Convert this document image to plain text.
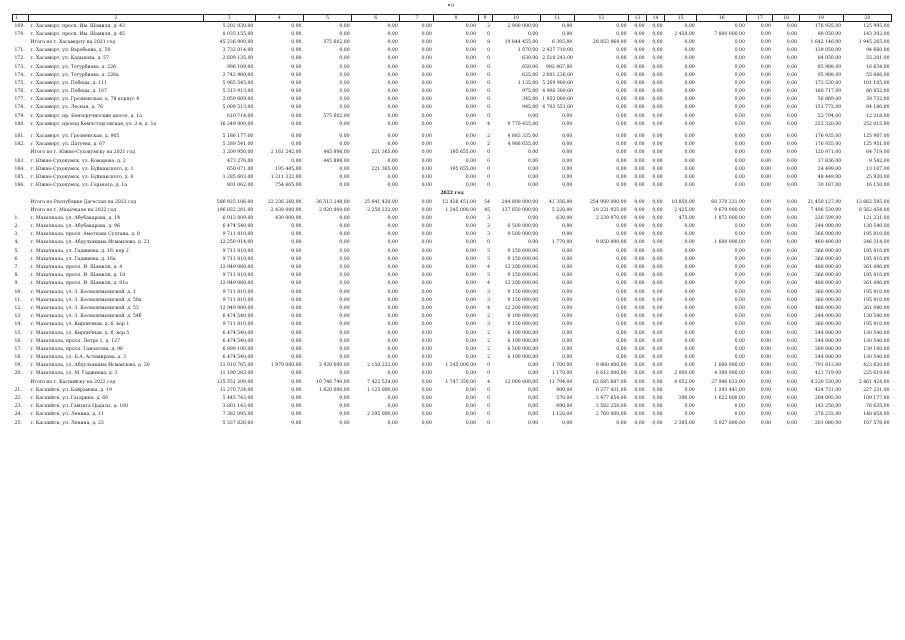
9
1	2	3	4	5	6	7	8	9	10	11	12	13	14	15	16	17	18	19	20
169.	г. Хасавюрт, просп. Им. Шамиля, д. 43	5 202 930,00	0,00	0,00	0,00	0,00	0,00	2	2 900 000,00	0,00	0,00	0,00	0,00	0,00	0,00	0,00	0,00	176 935,00	125 995,00
170.	г. Хасавюрт, просп. Им. Шамиля, д. 45	8 035 155,00	0,00	0,00	0,00	0,00	0,00	0	0,00	0,00	0,00	0,00	0,00	2 450,00	7 800 000,00	0,00	0,00	88 050,00	143 302,00
	Итого по г. Хасавюрту на 2021 год	45 236 900,00	0,00	575 602,00	0,00	0,00	0,00	8	19 844 455,00	6 385,00	28 853 964,00	0,00	0,00	0,00	0,00	0,00	0,00	1 642 146,00	1 945 265,00
171.	г. Хасавюрт, ул. Варобьева, д. 50	3 732 014,00	0,00	0,00	0,00	0,00	0,00	0	1 070,00	2 437 710,00	0,00	0,00	0,00	0,00	0,00	0,00	0,00	139 050,00	94 660,00
172.	г. Хасавюрт, ул. Кадыкова, д. 57	2 609 135,00	0,00	0,00	0,00	0,00	0,00	0	630,00	2 510 243,00	0,00	0,00	0,00	0,00	0,00	0,00	0,00	84 050,00	55 201,00
173.	г. Хасавюрт, ул. Тотурбиева, д. 226	996 109,00	0,00	0,00	0,00	0,00	0,00	0	650,00	982 407,00	0,00	0,00	0,00	0,00	0,00	0,00	0,00	85 988,00	16 634,00
174.	г. Хасавюрт, ул. Тотурбиева, д. 226а	2 742 960,00	0,00	0,00	0,00	0,00	0,00	0	625,00	2 601 236,00	0,00	0,00	0,00	0,00	0,00	0,00	0,00	95 988,00	55 666,00
175.	г. Хасавюрт, ул. Победы, д. 111	5 965 545,00	0,00	0,00	0,00	0,00	0,00	0	1 135,00	5 269 900,00	0,00	0,00	0,00	0,00	0,00	0,00	0,00	172 530,00	101 105,00
176.	г. Хасавюрт, ул. Победы, д. 107	5 313 913,00	0,00	0,00	0,00	0,00	0,00	0	975,00	4 906 300,00	0,00	0,00	0,00	0,00	0,00	0,00	0,00	160 717,00	86 852,00
177.	г. Хасавюрт, ул. Грозненская, д. 78 корпус 4	2 059 669,00	0,00	0,00	0,00	0,00	0,00	0	345,00	1 952 000,00	0,00	0,00	0,00	0,00	0,00	0,00	0,00	56 869,00	30 732,00
178.	г. Хасавюрт, ул. Лесная, д. 76	5 009 513,00	0,00	0,00	0,00	0,00	0,00	0	945,00	4 703 551,00	0,00	0,00	0,00	0,00	0,00	0,00	0,00	151 772,00	84 180,00
179.	г. Хасавюрт, пр. Бензоручноские шоссе, д. 1а	610 714,00	0,00	575 602,00	0,00	0,00	0,00	0	0,00	0,00	0,00	0,00	0,00	0,00	0,00	0,00	0,00	22 794,00	12 318,00
180.	г. Хасавюрт, проезд Кемчсторговская, ул. 2-я, д. 1а	16 249 800,00	0,00	0,00	0,00	0,00	0,00	4	9 770 455,00	0,00	0,00	0,00	0,00	0,00	0,00	0,00	0,00	253 320,00	252 015,00

181.	г. Хасавюрт, ул. Грозненская, д. 905	5 186 177,00	0,00	0,00	0,00	0,00	0,00	2	4 883 335,00	0,00	0,00	0,00	0,00	0,00	0,00	0,00	0,00	176 935,00	125 907,00
182.	г. Хасавюрт, ул. Датуева, д. 67	5 289 541,00	0,00	0,00	0,00	0,00	0,00	2	4 986 655,00	0,00	0,00	0,00	0,00	0,00	0,00	0,00	0,00	176 935,00	125 951,00
	Итого по г. Южно-Сухокумску на 2021 год	3 209 950,00	2 161 242,00	445 898,00	221 365,00	0,00	195 655,00	0	0,00	0,00	0,00	0,00	0,00	0,00	0,00	0,00	0,00	120 971,00	64 719,00
183.	г. Южно-Сухокумск, ул. Комарова, д. 2	473 276,00	0,00	445 898,00	0,00	0,00	0,00	0	0,00	0,00	0,00	0,00	0,00	0,00	0,00	0,00	0,00	17 836,00	9 542,00
184.	г. Южно-Сухокумск, ул. Буйнакского, д. 1	650 071,00	195 445,00	0,00	221 365,00	0,00	195 655,00	0	0,00	0,00	0,00	0,00	0,00	0,00	0,00	0,00	0,00	24 499,00	13 107,00
185.	г. Южно-Сухокумск, ул. Буйнакского, д. 6	1 285 603,00	1 211 332,00	0,00	0,00	0,00	0,00	0	0,00	0,00	0,00	0,00	0,00	0,00	0,00	0,00	0,00	48 449,00	25 920,00
186.	г. Южно-Сухокумск, ул. Горького, д. 1а	801 062,00	754 665,00	0,00	0,00	0,00	0,00	0	0,00	0,00	0,00	0,00	0,00	0,00	0,00	0,00	0,00	30 187,00	16 150,00
2022 год																			
	Итого по Республике Дагестан на 2022 год	586 925 106,00	22 236 260,00	36 513 248,00	25 641 430,00	0,00	12 438 451,00	54	244 800 000,00	41 356,00	254 999 000,00	0,00	0,00	10 850,00	60 370 231,00	0,00	0,00	21 450 127,00	13 662 585,00
	Итого по г. Махачкале на 2022 год	196 832 281,00	2 438 000,00	2 920 000,00	2 250 232,00	0,00	1 245 000,00	45	137 650 000,00	5 220,00	29 231 925,00	0,00	0,00	2 425,00	9 670 000,00	0,00	0,00	7 496 530,00	8 562 454,00
1.	г. Махачкала, ул. Абубакарова, д. 14	6 012 809,00	430 000,00	0,00	0,00	0,00	0,00	3	0,00	630,00	2 239 970,00	0,00	0,00	475,00	1 873 000,00	0,00	0,00	226 599,00	121 231,00
2.	г. Махачкала, ул. Абубакарова, д. 96	6 474 540,00	0,00	0,00	0,00	0,00	0,00	2	6 500 000,00	0,00	0,00	0,00	0,00	0,00	0,00	0,00	0,00	244 000,00	130 540,00
3.	г. Махачкала, просп. Аметхана Султана, д. 8	9 711 810,00	0,00	0,00	0,00	0,00	0,00	3	9 500 000,00	0,00	0,00	0,00	0,00	0,00	0,00	0,00	0,00	366 000,00	195 810,00
4.	г. Махачкала, ул. Абдулхакима Исмаилова, д. 21	12 250 914,00	0,00	0,00	0,00	0,00	0,00	0	0,00	1 770,00	9 850 000,00	0,00	0,00	0,00	1 600 000,00	0,00	0,00	460 400,00	246 314,00
5.	г. Махачкала, ул. Гаджиева, д. 16, кор 2	9 711 810,00	0,00	0,00	0,00	0,00	0,00	3	9 150 000,00	0,00	0,00	0,00	0,00	0,00	0,00	0,00	0,00	366 000,00	195 810,00
6.	г. Махачкала, ул. Гаджиева, д. 16а	9 711 810,00	0,00	0,00	0,00	0,00	0,00	3	9 150 000,00	0,00	0,00	0,00	0,00	0,00	0,00	0,00	0,00	366 000,00	195 810,00
7.	г. Махачкала, просп. И. Шамиля, д. 4	12 949 080,00	0,00	0,00	0,00	0,00	0,00	4	12 200 000,00	0,00	0,00	0,00	0,00	0,00	0,00	0,00	0,00	488 000,00	261 080,00
8.	г. Махачкала, просп. И. Шамиля, д. 18	9 711 810,00	0,00	0,00	0,00	0,00	0,00	3	9 150 000,00	0,00	0,00	0,00	0,00	0,00	0,00	0,00	0,00	366 000,00	195 810,00
9.	г. Махачкала, просп. И. Шамиля, д. 91а	12 949 080,00	0,00	0,00	0,00	0,00	0,00	4	12 200 000,00	0,00	0,00	0,00	0,00	0,00	0,00	0,00	0,00	488 000,00	261 080,00
10.	г. Махачкала, ул. З. Космодемьянской, д. 1	9 711 810,00	0,00	0,00	0,00	0,00	0,00	3	9 150 000,00	0,00	0,00	0,00	0,00	0,00	0,00	0,00	0,00	366 000,00	195 810,00
11.	г. Махачкала, ул. З. Космодемьянской, д. 50а	9 711 810,00	0,00	0,00	0,00	0,00	0,00	3	9 150 000,00	0,00	0,00	0,00	0,00	0,00	0,00	0,00	0,00	366 000,00	195 810,00
12.	г. Махачкала, ул. З. Космодемьянской, д. 53	12 949 080,00	0,00	0,00	0,00	0,00	0,00	4	12 200 000,00	0,00	0,00	0,00	0,00	0,00	0,00	0,00	0,00	488 000,00	261 080,00
13.	г. Махачкала, ул. З. Космодемьянской, д. 54б	6 474 540,00	0,00	0,00	0,00	0,00	0,00	2	6 100 000,00	0,00	0,00	0,00	0,00	0,00	0,00	0,00	0,00	244 000,00	130 540,00
14.	г. Махачкала, ул. Кирпичная, д. 6, кор 1	9 711 810,00	0,00	0,00	0,00	0,00	0,00	3	9 150 000,00	0,00	0,00	0,00	0,00	0,00	0,00	0,00	0,00	366 000,00	195 810,00
15.	г. Махачкала, ул. Кирпичная, д. 6, кор 5	6 474 540,00	0,00	0,00	0,00	0,00	0,00	2	6 100 000,00	0,00	0,00	0,00	0,00	0,00	0,00	0,00	0,00	244 000,00	130 540,00
16.	г. Махачкала, просп. Петра 1, д. 127	6 474 540,00	0,00	0,00	0,00	0,00	0,00	2	6 100 000,00	0,00	0,00	0,00	0,00	0,00	0,00	0,00	0,00	244 000,00	130 540,00
17.	г. Махачкала, просп. Гамзатова, д. 96	6 899 100,00	0,00	0,00	0,00	0,00	0,00	2	6 500 000,00	0,00	0,00	0,00	0,00	0,00	0,00	0,00	0,00	260 000,00	139 100,00
18.	г. Махачкала, ул. Б.А. Астемирова, д. 3	6 474 540,00	0,00	0,00	0,00	0,00	0,00	2	6 100 000,00	0,00	0,00	0,00	0,00	0,00	0,00	0,00	0,00	244 000,00	130 540,00
19.	г. Махачкала, ул. Абдулхакима Исмаилова, д. 30	21 010 765,00	1 979 000,00	2 920 000,00	2 150 232,00	0,00	1 245 000,00	0	0,00	1 700,00	9 860 000,00	0,00	0,00	0,00	1 600 000,00	0,00	0,00	791 813,00	423 620,00
20.	г. Махачкала, ул. М. Гаджиева, д. 3	11 190 283,00	0,00	0,00	0,00	0,00	0,00	0	0,00	1 170,00	6 612 000,00	0,00	0,00	2 000,00	4 300 000,00	0,00	0,00	421 719,00	225 619,00
	Итого по г. Каспийску на 2022 год	125 551 209,00	0,00	10 746 740,00	7 422 524,00	0,00	1 747 350,00	4	12 000 000,00	11 794,00	63 685 687,00	0,00	0,00	8 052,00	27 946 633,00	0,00	0,00	4 230 530,00	2 461 424,00
21.	г. Каспийск, ул. Байрамова, д. 19	11 270 724,00	0,00	1 820 000,00	1 125 000,00	0,00	0,00	0	0,00	900,00	6 277 431,00	0,00	0,00	0,00	1 293 441,00	0,00	0,00	424 731,00	227 231,00
22.	г. Каспийск, ул. Гагарина, д. 69	5 445 743,00	0,00	0,00	0,00	0,00	0,00	0	0,00	570,00	3 477 654,00	0,00	0,00	390,00	1 622 000,00	0,00	0,00	204 095,00	109 177,00
23.	г. Каспийск, ул. Гамзата Цадасы, д. 100	3 801 143,00	0,00	0,00	0,00	0,00	0,00	0	0,00	690,00	3 582 258,00	0,00	0,00	0,00	0,00	0,00	0,00	142 250,00	76 635,00
24.	г. Каспийск, ул. Ленина, д. 11	7 382 095,00	0,00	0,00	2 195 000,00	0,00	0,00	0	0,00	1 120,00	2 760 000,00	0,00	0,00	0,00	0,00	0,00	0,00	278 232,00	148 854,00
25.	г. Каспийск, ул. Ленина, д. 23	5 337 826,00	0,00	0,00	0,00	0,00	0,00	0	0,00	0,00	0,00	0,00	0,00	2 385,00	5 027 000,00	0,00	0,00	201 080,00	107 578,00
